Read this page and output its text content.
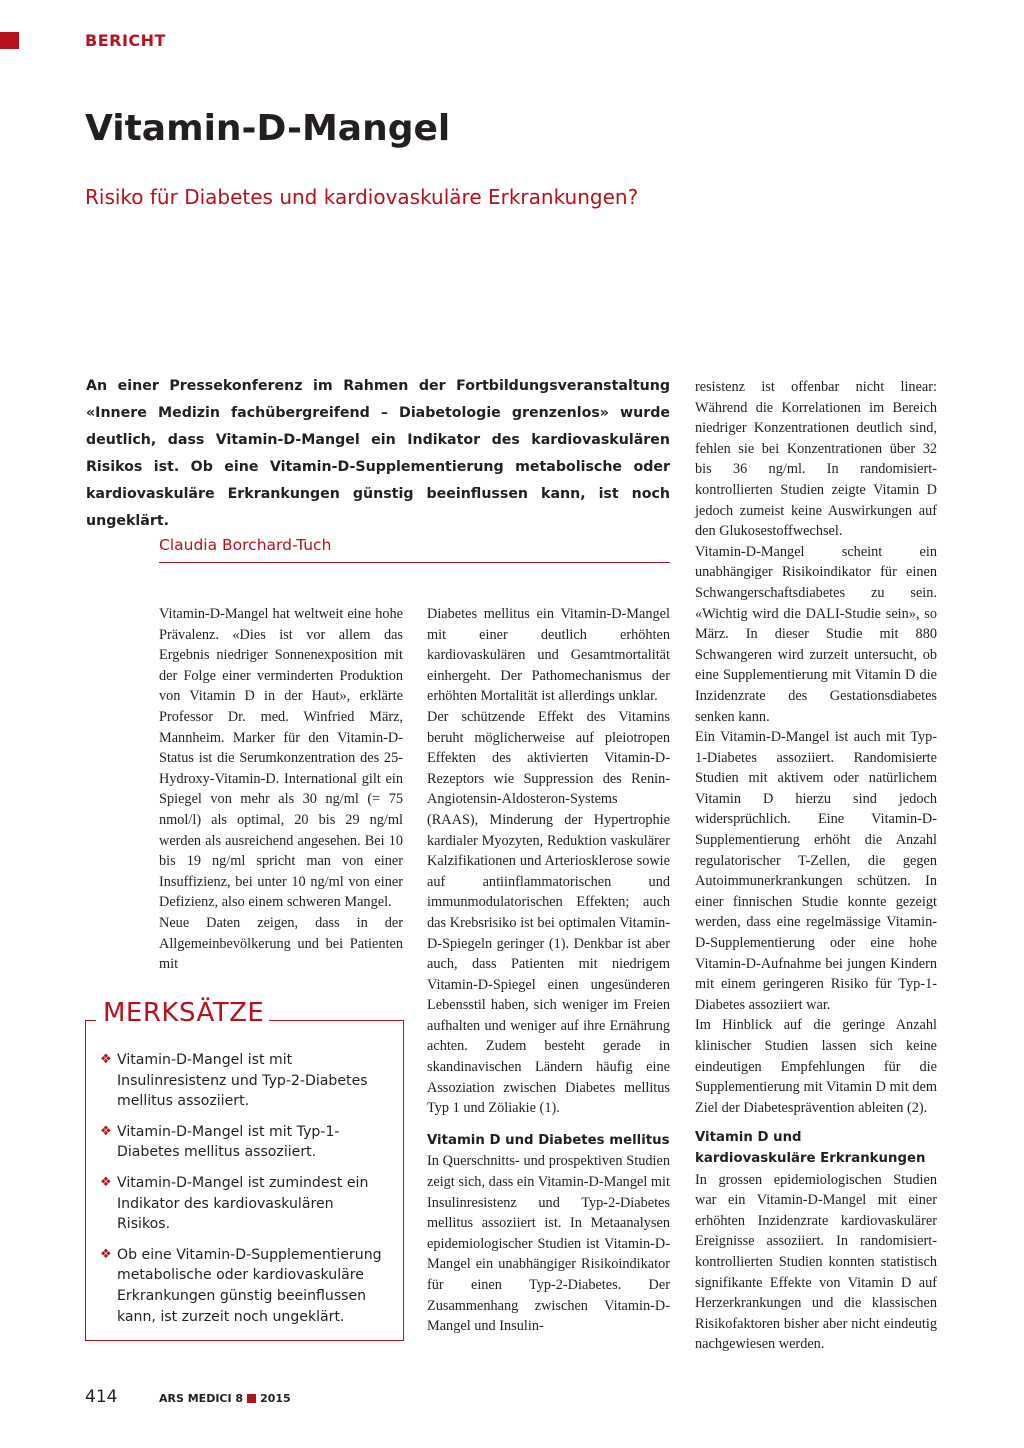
BERICHT
Vitamin-D-Mangel
Risiko für Diabetes und kardiovaskuläre Erkrankungen?
An einer Pressekonferenz im Rahmen der Fortbildungsveranstaltung «Innere Medizin fachübergreifend – Diabetologie grenzenlos» wurde deutlich, dass Vitamin-D-Mangel ein Indikator des kardiovaskulären Risikos ist. Ob eine Vitamin-D-Supplementierung metabolische oder kardiovaskuläre Erkrankungen günstig beeinflussen kann, ist noch ungeklärt.
Claudia Borchard-Tuch

Vitamin-D-Mangel hat weltweit eine hohe Prävalenz. «Dies ist vor allem das Ergebnis niedriger Sonnenexposition mit der Folge einer verminderten Produktion von Vitamin D in der Haut», erklärte Professor Dr. med. Winfried März, Mannheim. Marker für den Vitamin-D-Status ist die Serumkonzentration des 25-Hydroxy-Vitamin-D. International gilt ein Spiegel von mehr als 30 ng/ml (= 75 nmol/l) als optimal, 20 bis 29 ng/ml werden als ausreichend angesehen. Bei 10 bis 19 ng/ml spricht man von einer Insuffizienz, bei unter 10 ng/ml von einer Defizienz, also einem schweren Mangel.

Neue Daten zeigen, dass in der Allgemeinbevölkerung und bei Patienten mit

Diabetes mellitus ein Vitamin-D-Mangel mit einer deutlich erhöhten kardiovaskulären und Gesamtmortalität einhergeht. Der Pathomechanismus der erhöhten Mortalität ist allerdings unklar.

Der schützende Effekt des Vitamins beruht möglicherweise auf pleiotropen Effekten des aktivierten Vitamin-D-Rezeptors wie Suppression des Renin-Angiotensin-Aldosteron-Systems (RAAS), Minderung der Hypertrophie kardialer Myozyten, Reduktion vaskulärer Kalzifikationen und Arteriosklerose sowie auf antiinflammatorischen und immunmodulatorischen Effekten; auch das Krebsrisiko ist bei optimalen Vitamin-D-Spiegeln geringer (1). Denkbar ist aber auch, dass Patienten mit niedrigem Vitamin-D-Spiegel einen ungesünderen Lebensstil haben, sich weniger im Freien aufhalten und weniger auf ihre Ernährung achten. Zudem besteht gerade in skandinavischen Ländern häufig eine Assoziation zwischen Diabetes mellitus Typ 1 und Zöliakie (1).

Vitamin D und Diabetes mellitus

In Querschnitts- und prospektiven Studien zeigt sich, dass ein Vitamin-D-Mangel mit Insulinresistenz und Typ-2-Diabetes mellitus assoziiert ist. In Metaanalysen epidemiologischer Studien ist Vitamin-D-Mangel ein unabhängiger Risikoindikator für einen Typ-2-Diabetes. Der Zusammenhang zwischen Vitamin-D-Mangel und Insulin-

resistenz ist offenbar nicht linear: Während die Korrelationen im Bereich niedriger Konzentrationen deutlich sind, fehlen sie bei Konzentrationen über 32 bis 36 ng/ml. In randomisiert-kontrollierten Studien zeigte Vitamin D jedoch zumeist keine Auswirkungen auf den Glukosestoffwechsel.

Vitamin-D-Mangel scheint ein unabhängiger Risikoindikator für einen Schwangerschaftsdiabetes zu sein. «Wichtig wird die DALI-Studie sein», so März. In dieser Studie mit 880 Schwangeren wird zurzeit untersucht, ob eine Supplementierung mit Vitamin D die Inzidenzrate des Gestationsdiabetes senken kann.

Ein Vitamin-D-Mangel ist auch mit Typ-1-Diabetes assoziiert. Randomisierte Studien mit aktivem oder natürlichem Vitamin D hierzu sind jedoch widersprüchlich. Eine Vitamin-D-Supplementierung erhöht die Anzahl regulatorischer T-Zellen, die gegen Autoimmunerkrankungen schützen. In einer finnischen Studie konnte gezeigt werden, dass eine regelmässige Vitamin-D-Supplementierung oder eine hohe Vitamin-D-Aufnahme bei jungen Kindern mit einem geringeren Risiko für Typ-1-Diabetes assoziiert war.

Im Hinblick auf die geringe Anzahl klinischer Studien lassen sich keine eindeutigen Empfehlungen für die Supplementierung mit Vitamin D mit dem Ziel der Diabetesprävention ableiten (2).

Vitamin D und

kardiovaskuläre Erkrankungen

In grossen epidemiologischen Studien war ein Vitamin-D-Mangel mit einer erhöhten Inzidenzrate kardiovaskulärer Ereignisse assoziiert. In randomisiert-kontrollierten Studien konnten statistisch signifikante Effekte von Vitamin D auf Herzerkrankungen und die klassischen Risikofaktoren bisher aber nicht eindeutig nachgewiesen werden.

MERKSÄTZE
❖ Vitamin-D-Mangel ist mit Insulinresistenz und Typ-2-Diabetes mellitus assoziiert.
❖ Vitamin-D-Mangel ist mit Typ-1-Diabetes mellitus assoziiert.
❖ Vitamin-D-Mangel ist zumindest ein Indikator des kardiovaskulären Risikos.
❖ Ob eine Vitamin-D-Supplementierung metabolische oder kardiovaskuläre Erkrankungen günstig beeinflussen kann, ist zurzeit noch ungeklärt.
414	ARS MEDICI 8 2015
